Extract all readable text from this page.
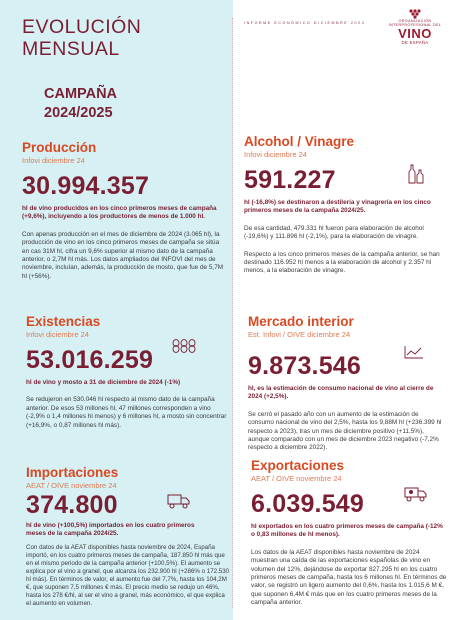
EVOLUCIÓN MENSUAL
CAMPAÑA 2024/2025
INFORME ECONÓMICO DICIEMBRE 2024	ORGANIZACIÓN INTERPROFESIONAL DEL
VINO
DE ESPAÑA
Producción
Infovi diciembre 24
30.994.357
hl de vino producidos en los cinco primeros meses de campaña (+9,6%), incluyendo a los productores de menos de 1.000 hl.
Con apenas producción en el mes de diciembre de 2024 (3.065 hl), la producción de vino en los cinco primeros meses de campaña se sitúa en cas 31M hl, cifra un 9,6% superior al mismo dato de la campaña anterior, o 2,7M hl más. Los datos ampliados del INFOVI del mes de noviembre, incluían, además, la producción de mosto, que fue de 5,7M hl (+56%).
Existencias
Infovi diciembre 24
53.016.259
hl de vino y mosto a 31 de diciembre de 2024 (-1%)
Se redujeron en 530.046 hl respecto al mismo dato de la campaña anterior. De esos 53 millones hl, 47 millones corresponden a vino (-2,9% o 1,4 millones hl menos) y 6 millones hl, a mosto sin concentrar (+16,9%, o 0,87 millones hl más).
Importaciones
AEAT / OIVE noviembre 24
374.800
hl de vino (+100,5%) importados en los cuatro primeros meses de la campaña 2024/25.
Con datos de la AEAT disponibles hasta noviembre de 2024, España importó, en los cuatro primeros meses de campaña, 187.850 hl más que en el mismo periodo de la campaña anterior (+100,5%). El aumento se explica por el vino a granel, que alcanza los 232.900 hl (+286% o 172.530 hl más). En términos de valor, el aumento fue del 7,7%, hasta los 104,2M €, que suponen 7,5 millones € más. El precio medio se redujo un 46%, hasta los 278 €/hl, al ser el vino a granel, más económico, el que explica el aumento en volumen.
Alcohol / Vinagre
Infovi diciembre 24
591.227
hl (-16,8%) se destinaron a destilería y vinagrería en los cinco primeros meses de la campaña 2024/25.
De esa cantidad, 479.331 hl fueron para elaboración de alcohol (-19,6%) y 111.896 hl (-2,1%), para la elaboración de vinagre.
Respecto a los cinco primeros meses de la campaña anterior, se han destinado 116.952 hl menos a la elaboración de alcohol y 2.357 hl menos, a la elaboración de vinagre.
Mercado interior
Est. Infovi / OIVE diciembre 24
9.873.546
hl, es la estimación de consumo nacional de vino al cierre de 2024 (+2,5%).
Se cerró el pasado año con un aumento de la estimación de consumo nacional de vino del 2,5%, hasta los 9,88M hl (+236.399 hl respecto a 2023), tras un mes de diciembre positivo (+11,5%), aunque comparado con un mes de diciembre 2023 negativo (-7,2% respecto a diciembre 2022).
Exportaciones
AEAT / OIVE noviembre 24
6.039.549
hl exportados en los cuatro primeros meses de campaña (-12% o 0,83 millones de hl menos).
Los datos de la AEAT disponibles hasta noviembre de 2024 muestran una caída de las exportaciones españolas de vino en volumen del 12%, dejándose de exportar 827.295 hl en los cuatro primeros meses de campaña, hasta los 6 millones hl. En términos de valor, se registró un ligero aumento del 0,6%, hasta los 1.015,6 M €, que suponen 6,4M € más que en los cuatro primeros meses de la campaña anterior.
